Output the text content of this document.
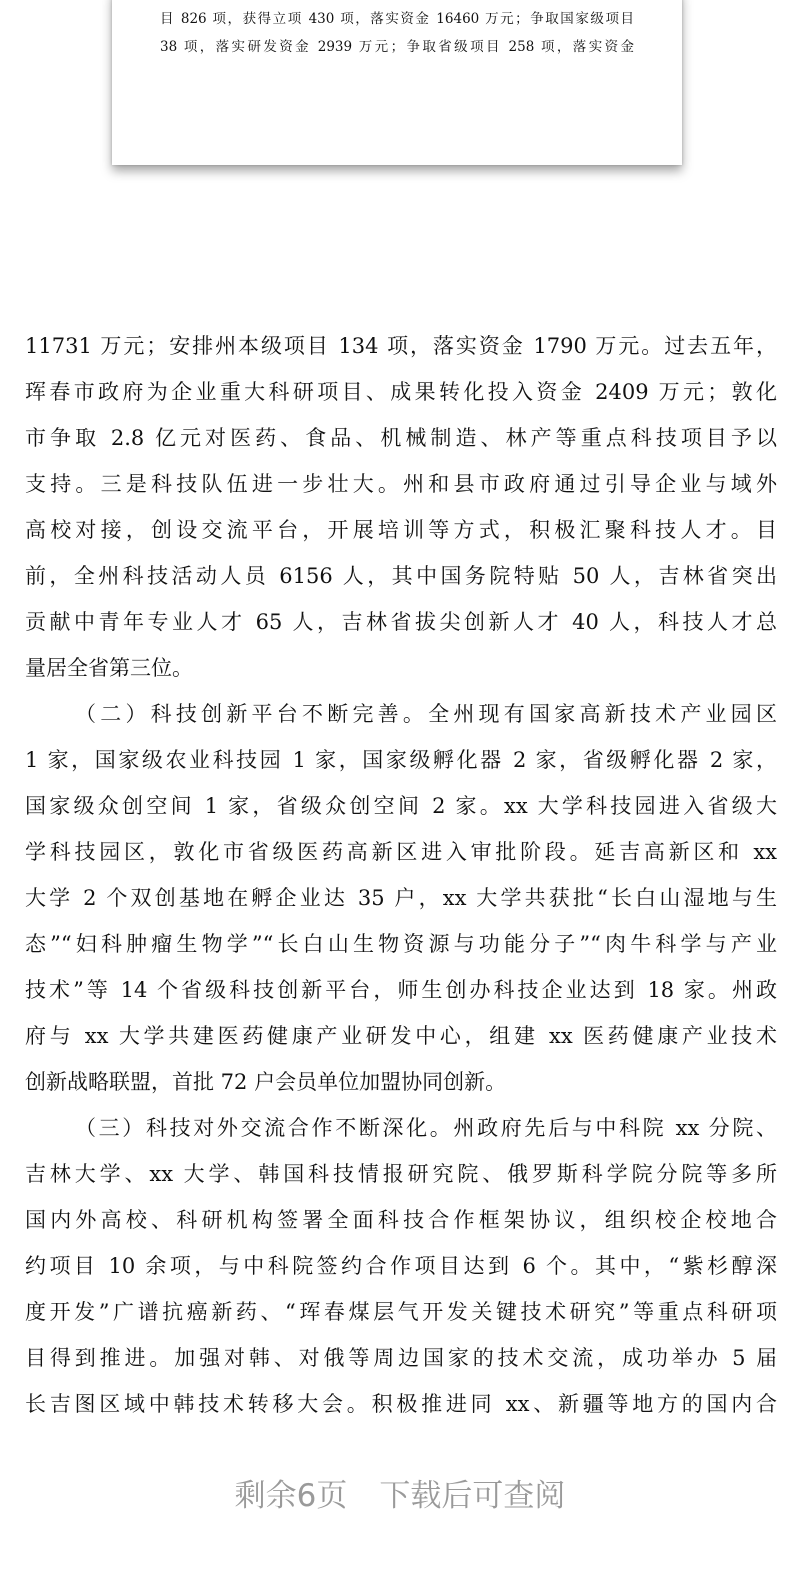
目 826 项，获得立项 430 项，落实资金 16460 万元；争取国家级项目
38 项，落实研发资金 2939 万元；争取省级项目 258 项，落实资金
11731 万元；安排州本级项目 134 项，落实资金 1790 万元。过去五年，
珲春市政府为企业重大科研项目、成果转化投入资金 2409 万元；敦化
市争取 2.8 亿元对医药、食品、机械制造、林产等重点科技项目予以
支持。三是科技队伍进一步壮大。州和县市政府通过引导企业与域外
高校对接，创设交流平台，开展培训等方式，积极汇聚科技人才。目
前，全州科技活动人员 6156 人，其中国务院特贴 50 人，吉林省突出
贡献中青年专业人才 65 人，吉林省拔尖创新人才 40 人，科技人才总
量居全省第三位。
（二）科技创新平台不断完善。全州现有国家高新技术产业园区
1 家，国家级农业科技园 1 家，国家级孵化器 2 家，省级孵化器 2 家，
国家级众创空间 1 家，省级众创空间 2 家。xx 大学科技园进入省级大
学科技园区，敦化市省级医药高新区进入审批阶段。延吉高新区和 xx
大学 2 个双创基地在孵企业达 35 户，xx 大学共获批“长白山湿地与生
态”“妇科肿瘤生物学”“长白山生物资源与功能分子”“肉牛科学与产业
技术”等 14 个省级科技创新平台，师生创办科技企业达到 18 家。州政
府与 xx 大学共建医药健康产业研发中心，组建 xx 医药健康产业技术
创新战略联盟，首批 72 户会员单位加盟协同创新。
（三）科技对外交流合作不断深化。州政府先后与中科院 xx 分院、
吉林大学、xx 大学、韩国科技情报研究院、俄罗斯科学院分院等多所
国内外高校、科研机构签署全面科技合作框架协议，组织校企校地合
约项目 10 余项，与中科院签约合作项目达到 6 个。其中，“紫杉醇深
度开发”广谱抗癌新药、“珲春煤层气开发关键技术研究”等重点科研项
目得到推进。加强对韩、对俄等周边国家的技术交流，成功举办 5 届
长吉图区域中韩技术转移大会。积极推进同 xx、新疆等地方的国内合
剩余6页 下载后可查阅
